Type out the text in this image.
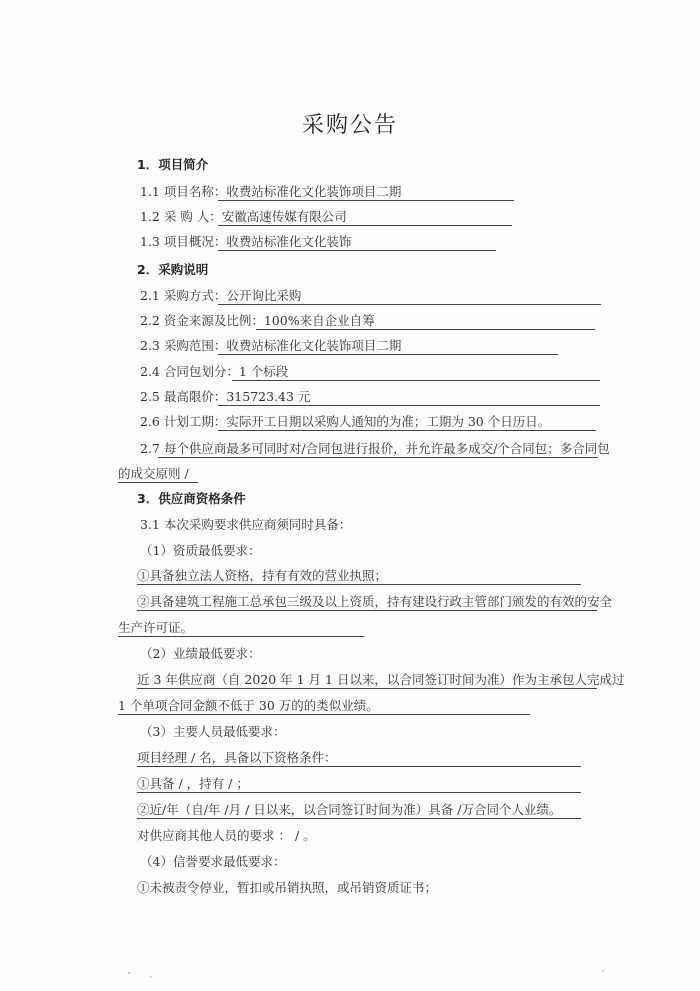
采购公告
1．项目简介
1.1 项目名称：收费站标准化文化装饰项目二期
1.2 采 购 人：安徽高速传媒有限公司
1.3 项目概况：收费站标准化文化装饰
2．采购说明
2.1 采购方式：公开询比采购
2.2 资金来源及比例：100%来自企业自筹
2.3 采购范围：收费站标准化文化装饰项目二期
2.4 合同包划分：1 个标段
2.5 最高限价：315723.43 元
2.6 计划工期：实际开工日期以采购人通知的为准；工期为 30 个日历日。
2.7 每个供应商最多可同时对/合同包进行报价，并允许最多成交/个合同包；多合同包
的成交原则 /
3．供应商资格条件
3.1 本次采购要求供应商须同时具备：
（1）资质最低要求：
①具备独立法人资格，持有有效的营业执照；
②具备建筑工程施工总承包三级及以上资质，持有建设行政主管部门颁发的有效的安全
生产许可证。
（2）业绩最低要求：
近 3 年供应商（自 2020 年 1 月 1 日以来，以合同签订时间为准）作为主承包人完成过
1 个单项合同金额不低于 30 万的的类似业绩。
（3）主要人员最低要求：
项目经理 / 名，具备以下资格条件：
①具备 / ，持有 / ；
②近/年（自/年 /月 / 日以来，以合同签订时间为准）具备 /万合同个人业绩。
对供应商其他人员的要求 ： / 。
（4）信誉要求最低要求：
①未被责令停业，暂扣或吊销执照，或吊销资质证书；
